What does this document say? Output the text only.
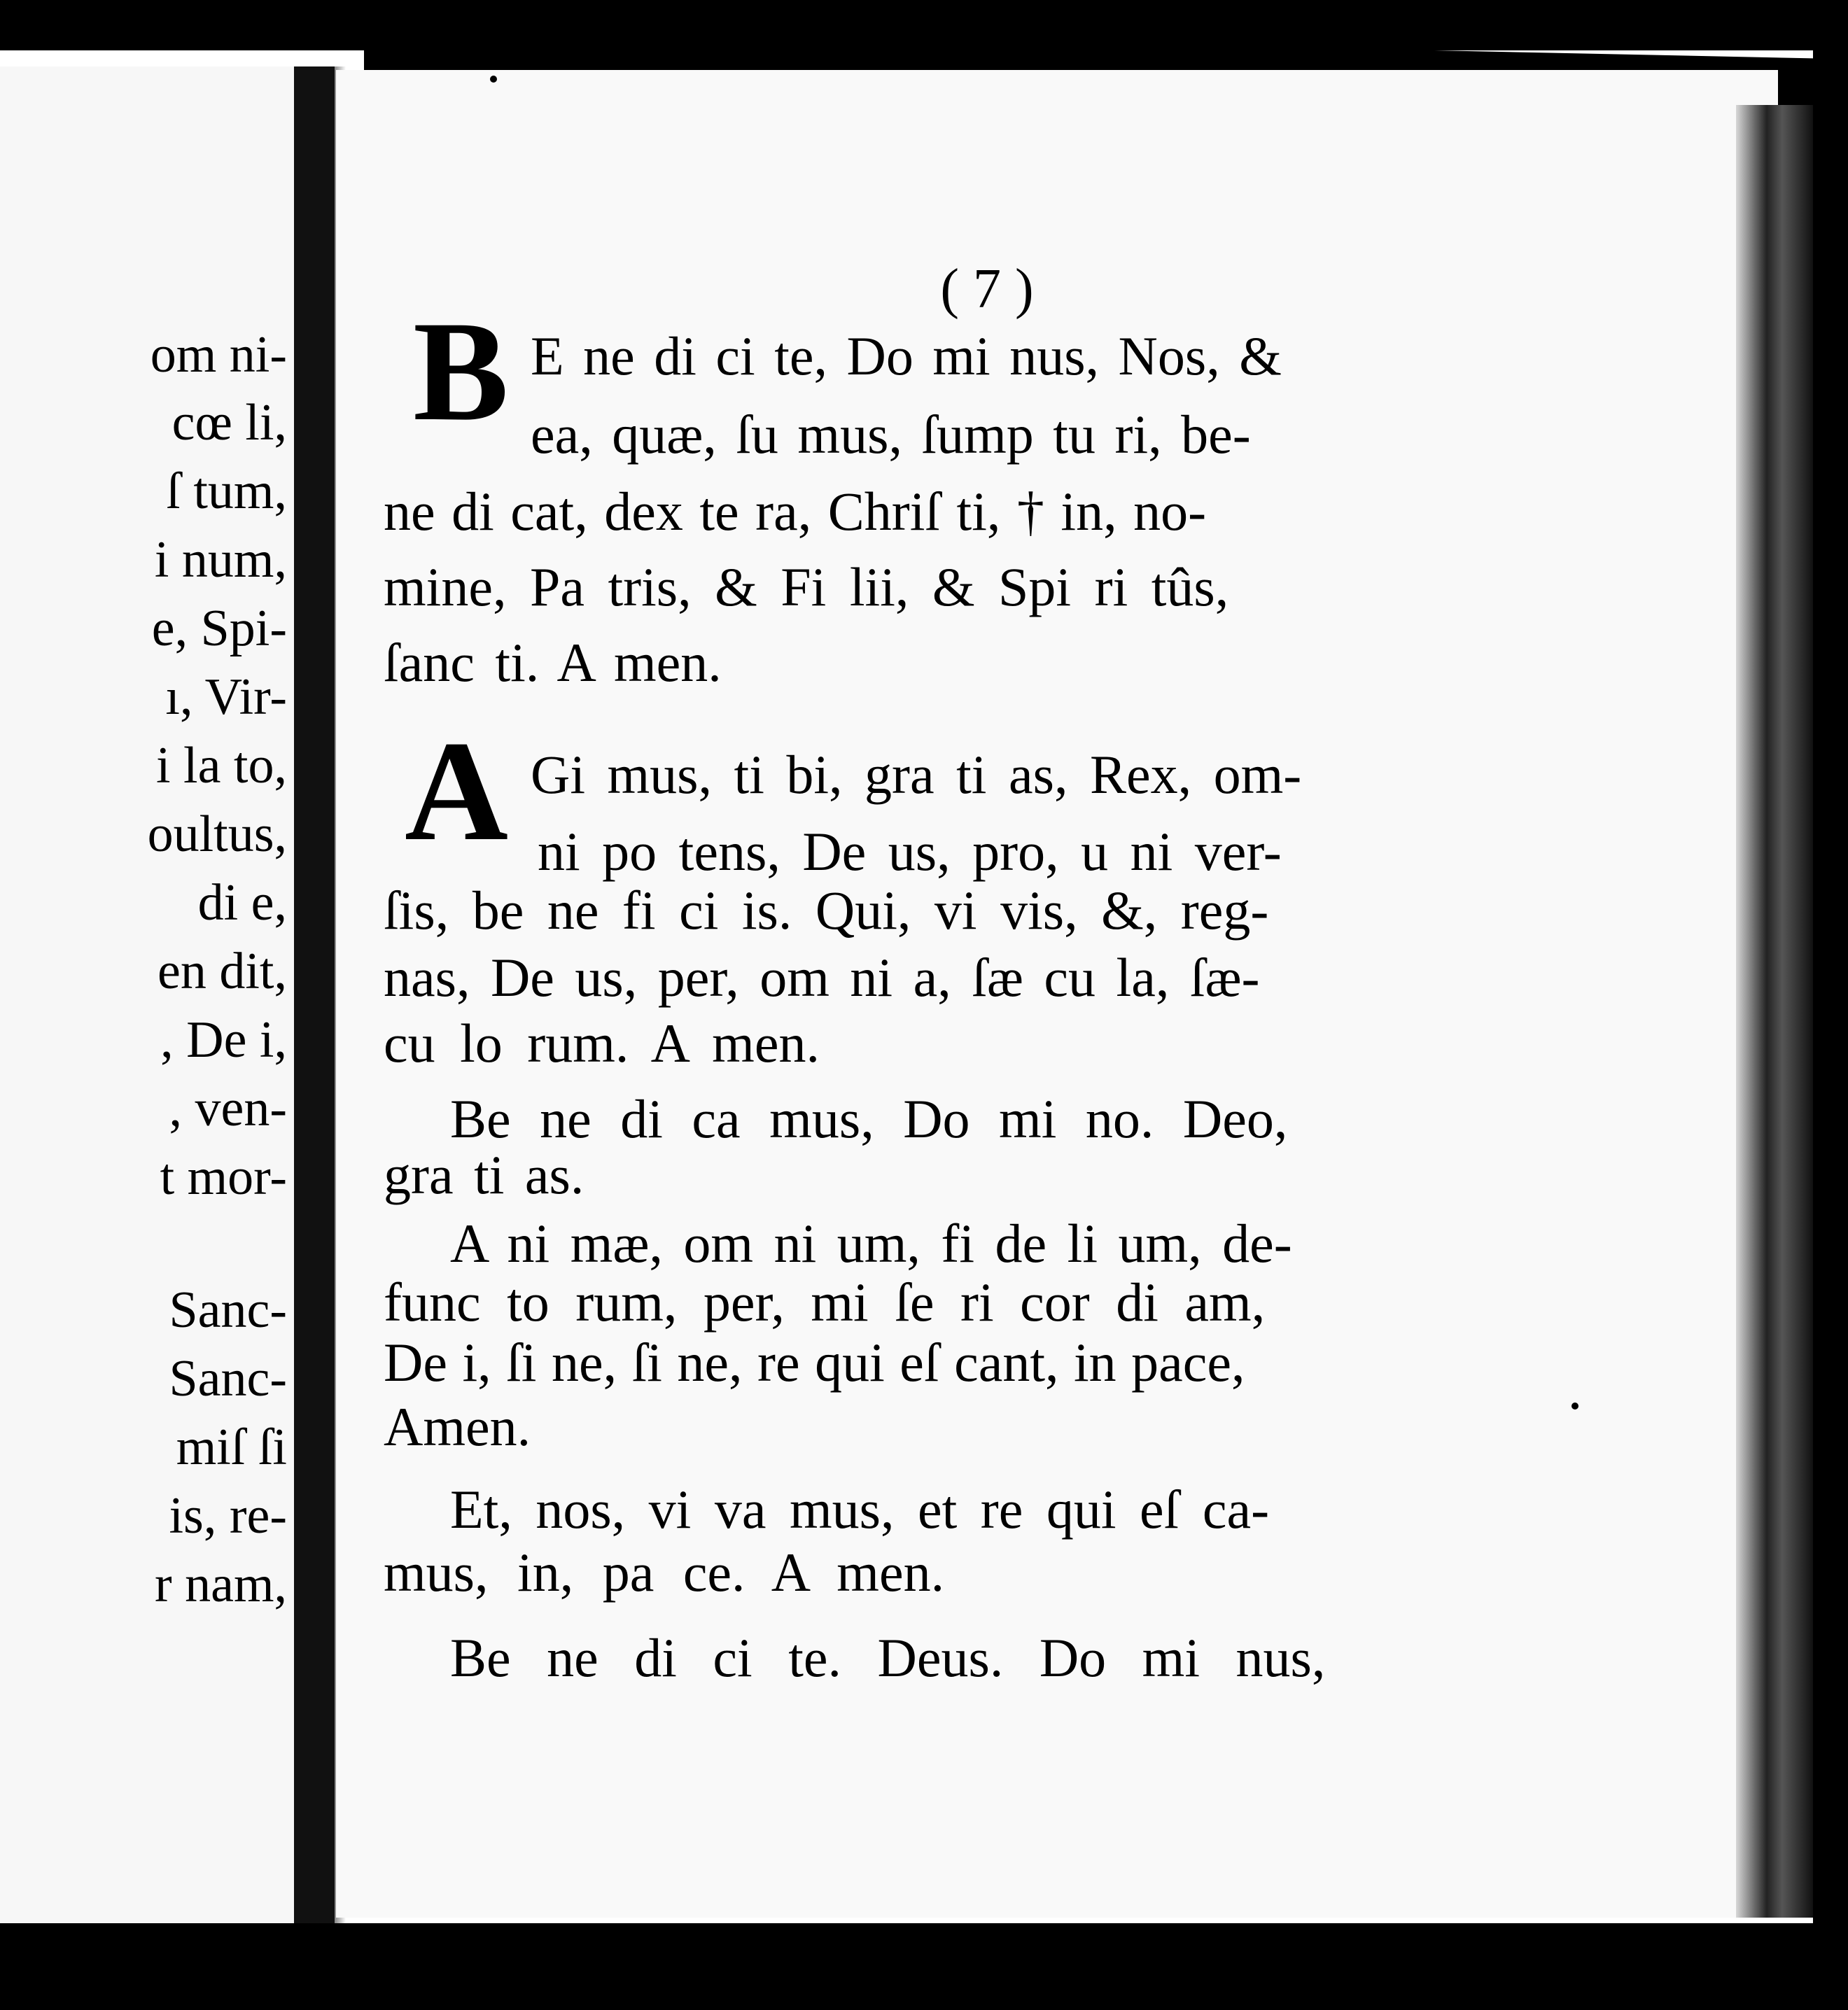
om ni-
cœ li,
ſ tum,
i num,
e, Spi-
ı, Vir-
i la to,
oultus,
di e,
en dit,
, De i,
, ven-
t mor-
Sanc-
Sanc-
miſ ſi
is, re-
r nam,
( 7 )
B E ne di ci te, Do mi nus, Nos, &
ea, quæ, ſu mus, ſump tu ri, be-
ne di cat, dex te ra, Chriſ ti, † in, no-
mine, Pa tris, & Fi lii, & Spi ri tûs,
ſanc ti. A men.
A Gi mus, ti bi, gra ti as, Rex, om-
ni po tens, De us, pro, u ni ver-
ſis, be ne fi ci is. Qui, vi vis, &, reg-
nas, De us, per, om ni a, ſæ cu la, ſæ-
cu lo rum. A men.
Be ne di ca mus, Do mi no. Deo,
gra ti as.
A ni mæ, om ni um, fi de li um, de-
func to rum, per, mi ſe ri cor di am,
De i, ſi ne, ſi ne, re qui eſ cant, in pace,
Amen.
Et, nos, vi va mus, et re qui eſ ca-
mus, in, pa ce. A men.
Be ne di ci te. Deus. Do mi nus,
